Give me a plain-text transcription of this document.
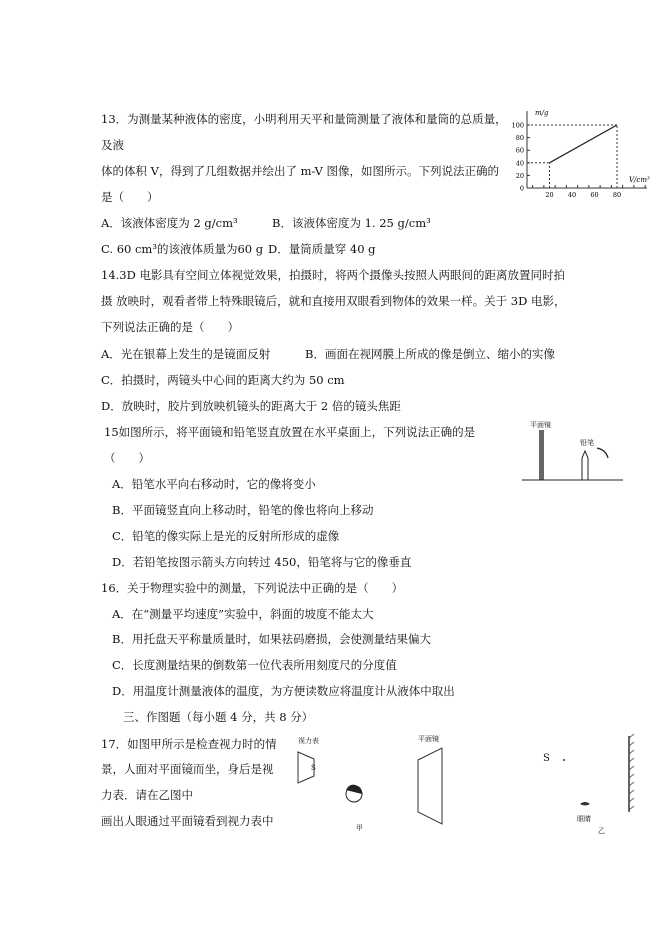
13．为测量某种液体的密度，小明利用天平和量筒测量了液体和量筒的总质量，
及液
体的体积 V，得到了几组数据并绘出了 m-V 图像，如图所示。下列说法正确的
是（　　）
A．该液体密度为 2 g/cm³	B．该液体密度为 1. 25 g/cm³
C. 60 cm³的该液体质量为60 g D．量筒质量穿 40 g
m/g
V/cm³
0
20
40
60
80
100
20 40 60 80
14.3D 电影具有空间立体视觉效果，拍摄时，将两个摄像头按照人两眼间的距离放置同时拍
摄 放映时，观看者带上特殊眼镜后，就和直接用双眼看到物体的效果一样。关于 3D 电影，
下列说法正确的是（　　）
A．光在银幕上发生的是镜面反射	B．画面在视网膜上所成的像是倒立、缩小的实像
C．拍摄时，两镜头中心间的距离大约为 50 cm
D．放映时，胶片到放映机镜头的距离大于 2 倍的镜头焦距
15如图所示，将平面镜和铅笔竖直放置在水平桌面上，下列说法正确的是
（　　）
A．铅笔水平向右移动时，它的像将变小
B．平面镜竖直向上移动时，铅笔的像也将向上移动
C．铅笔的像实际上是光的反射所形成的虚像
D．若铅笔按图示箭头方向转过 450，铅笔将与它的像垂直
平面镜
铅笔
16．关于物理实验中的测量，下列说法中正确的是（　　）
A．在“测量平均速度”实验中，斜面的坡度不能太大
B．用托盘天平称量质量时，如果祛码磨损，会使测量结果偏大
C．长度测量结果的倒数第一位代表所用刻度尺的分度值
D．用温度计测量液体的温度，为方便读数应将温度计从液体中取出
三、作图题（每小题 4 分，共 8 分）
17．如图甲所示是检查视力时的情
景，人面对平面镜而坐，身后是视
力表．请在乙图中
画出人眼通过平面镜看到视力表中
视力表
S
平面镜
甲
S
眼睛
乙
